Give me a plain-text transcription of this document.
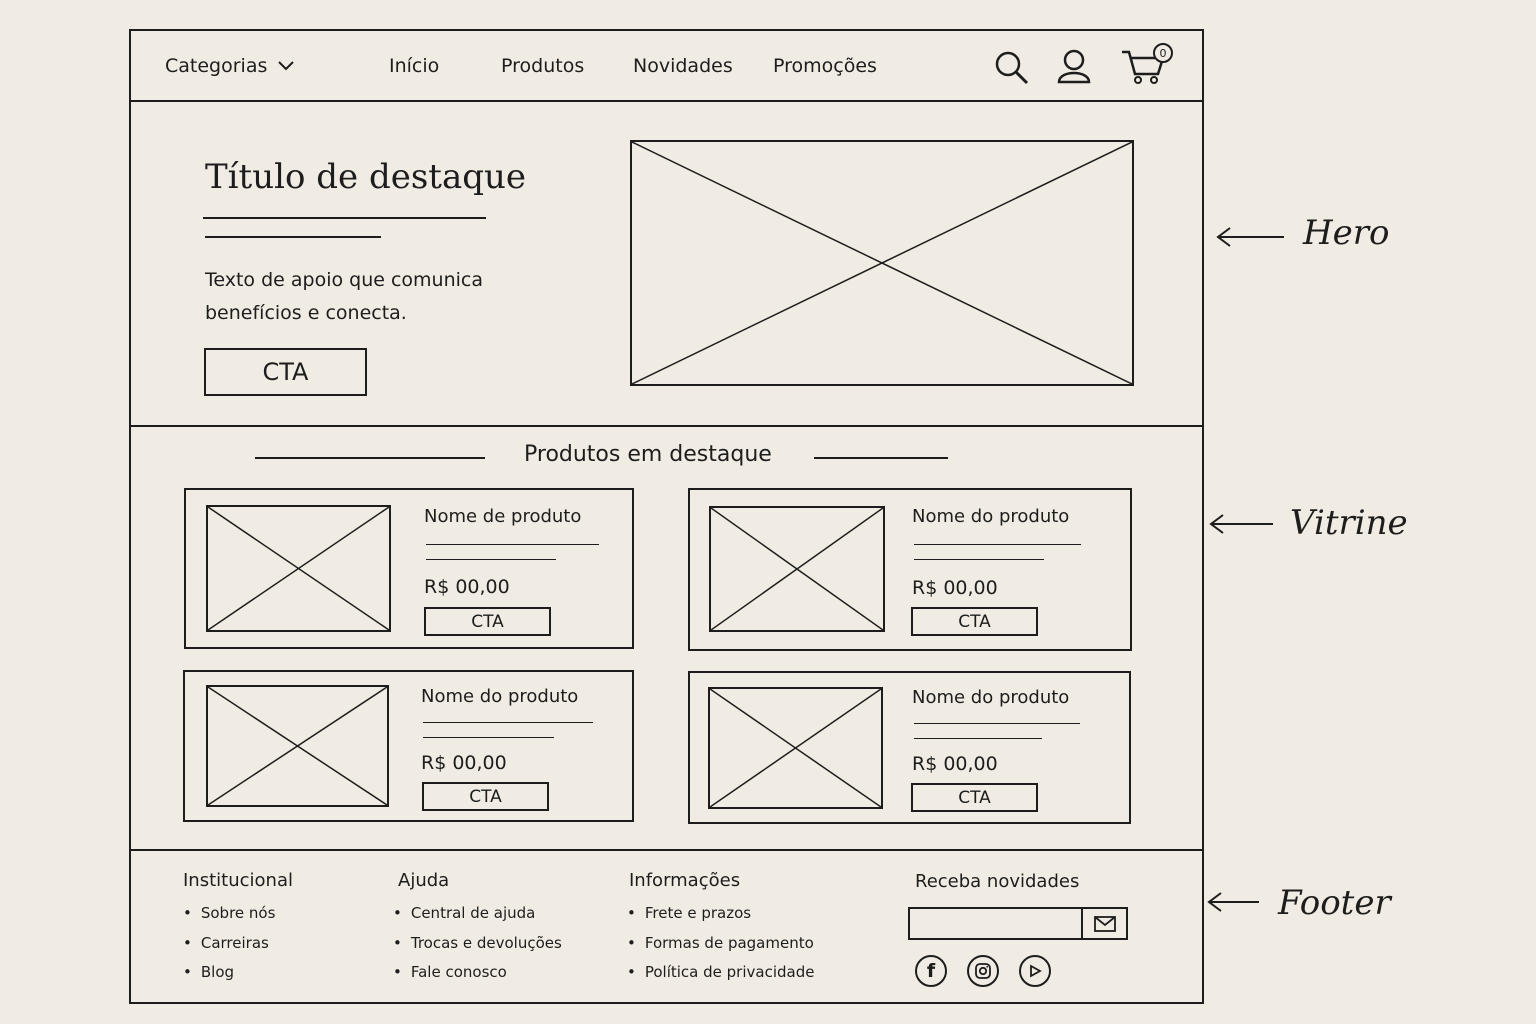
Categorias	Início	Produtos	Novidades Promoções
0
Título de destaque
Texto de apoio que comunica
benefícios e conecta.
CTA
Produtos em destaque
Nome de produto
R$ 00,00
CTA
Nome do produto
R$ 00,00
CTA
Nome do produto
R$ 00,00
CTA
Nome do produto
R$ 00,00
CTA
Institucional
• Sobre nós
• Carreiras
• Blog
Ajuda
• Central de ajuda
• Trocas e devoluções
• Fale conosco
Informações
• Frete e prazos
• Formas de pagamento
• Política de privacidade
Receba novidades
f
Hero
Vitrine
Footer
